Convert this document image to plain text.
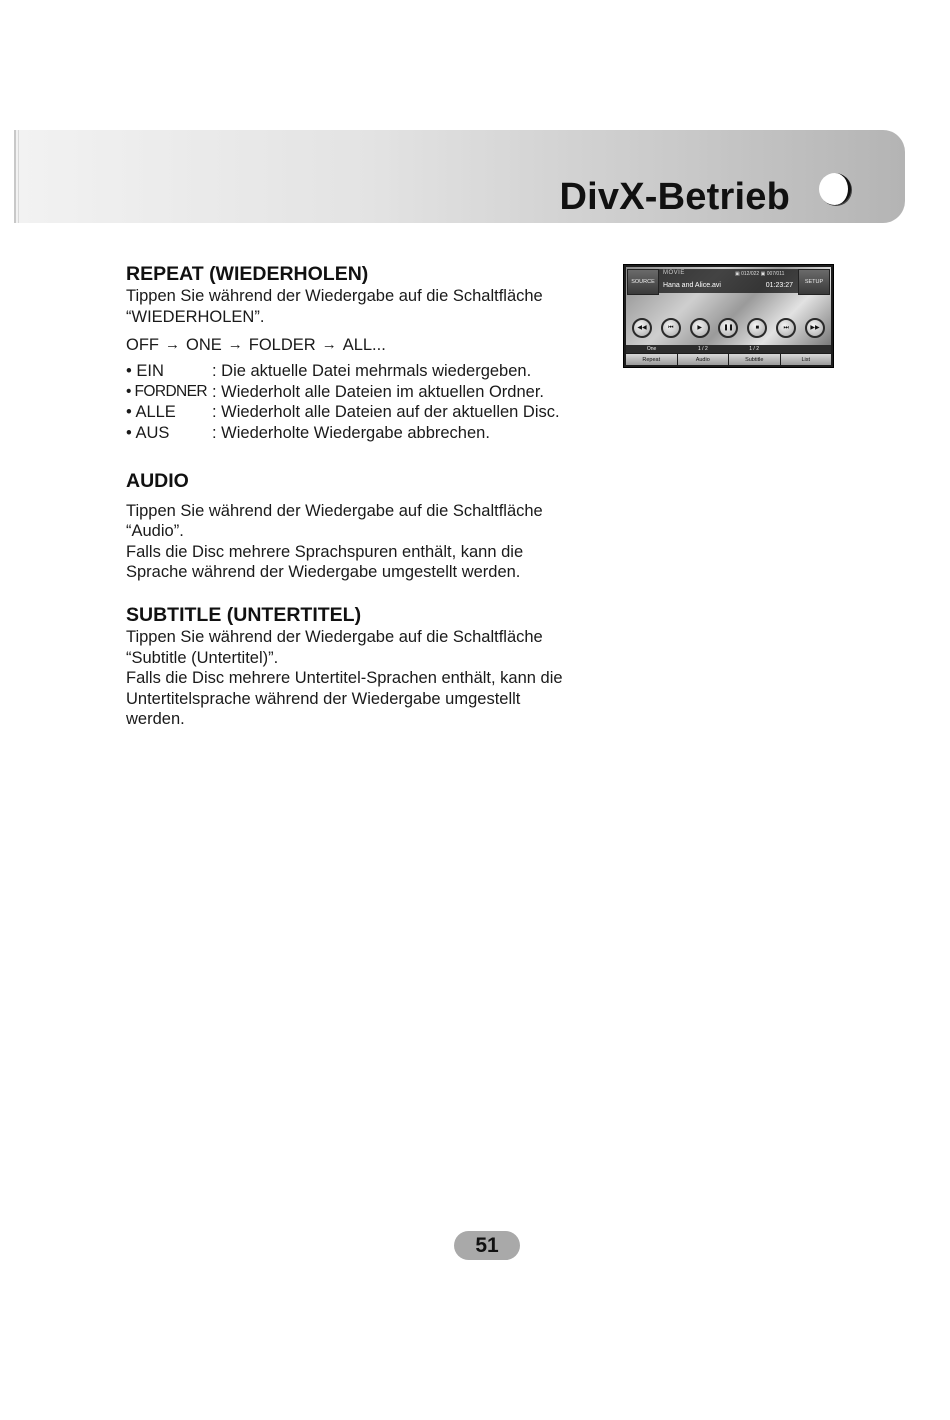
DivX-Betrieb
REPEAT (WIEDERHOLEN)

Tippen Sie während der Wiedergabe auf die Schaltfläche

“WIEDERHOLEN”.

OFF → ONE → FOLDER → ALL...
• EIN	: Die aktuelle Datei mehrmals wiedergeben.
• FORDNER : Wiederholt alle Dateien im aktuellen Ordner.
• ALLE	: Wiederholt alle Dateien auf der aktuellen Disc.
• AUS	: Wiederholte Wiedergabe abbrechen.
AUDIO

Tippen Sie während der Wiedergabe auf die Schaltfläche

“Audio”.

Falls die Disc mehrere Sprachspuren enthält, kann die

Sprache während der Wiedergabe umgestellt werden.

SUBTITLE (UNTERTITEL)

Tippen Sie während der Wiedergabe auf die Schaltfläche

“Subtitle (Untertitel)”.

Falls die Disc mehrere Untertitel-Sprachen enthält, kann die

Untertitelsprache während der Wiedergabe umgestellt

werden.

SOURCE
MOVIE	▣ 012/022 ▣ 007/011
Hana and Alice.avi	01:23:27	SETUP
◀◀	⏮	▶	❚❚	■	⏭	▶▶
One	1 / 2	1 / 2
Repeat	Audio	Subtitle	List
51
